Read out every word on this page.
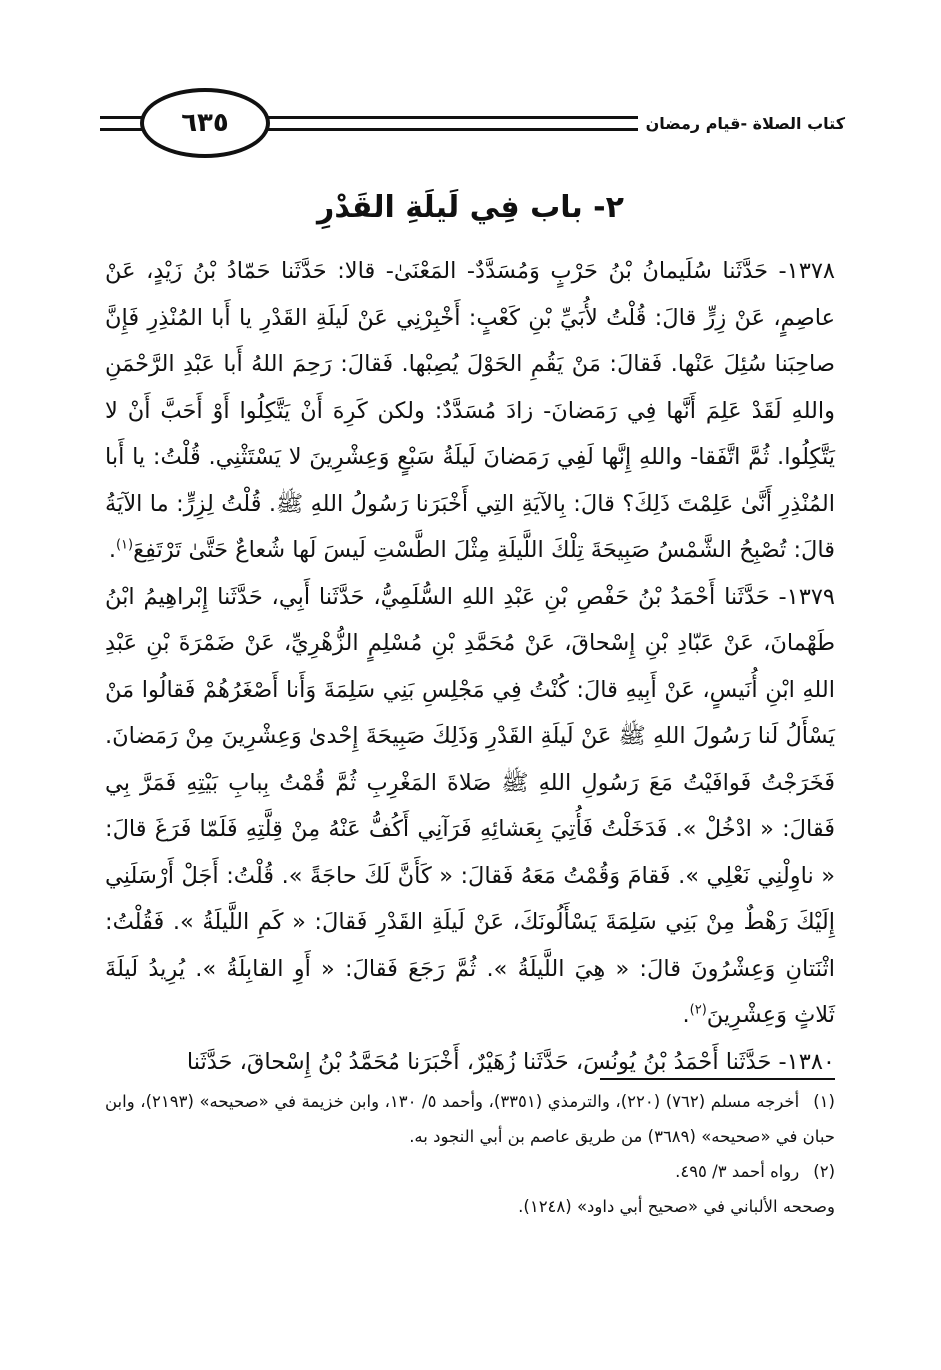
٦٣٥	كتاب الصلاة -قيام رمضان
٢- باب فِي لَيلَةِ القَدْرِ

١٣٧٨- حَدَّثَنا سُلَيمانُ بْنُ حَرْبٍ وَمُسَدَّدٌ- المَعْنَىٰ- قالا: حَدَّثَنا حَمّادُ بْنُ زَيْدٍ، عَنْ عاصِمٍ، عَنْ زِرٍّ قالَ: قُلْتُ لأُبَيِّ بْنِ كَعْبٍ: أَخْبِرْنِي عَنْ لَيلَةِ القَدْرِ يا أَبا المُنْذِرِ فَإِنَّ صاحِبَنا سُئِلَ عَنْها. فَقالَ: مَنْ يَقُمِ الحَوْلَ يُصِبْها. فَقالَ: رَحِمَ اللهُ أَبا عَبْدِ الرَّحْمَنِ واللهِ لَقَدْ عَلِمَ أَنَّها فِي رَمَضانَ- زادَ مُسَدَّدٌ: ولكن كَرِهَ أَنْ يَتَّكِلُوا أَوْ أَحَبَّ أَنْ لا يَتَّكِلُوا. ثُمَّ اتَّفَقا- واللهِ إِنَّها لَفِي رَمَضانَ لَيلَةُ سَبْعٍ وَعِشْرِينَ لا يَسْتَثْنِي. قُلْتُ: يا أَبا المُنْذِرِ أَنَّىٰ عَلِمْتَ ذَلِكَ؟ قالَ: بِالآيَةِ التِي أَخْبَرَنا رَسُولُ اللهِ ﷺ. قُلْتُ لِزِرٍّ: ما الآيَةُ قالَ: تُصْبِحُ الشَّمْسُ صَبِيحَةَ تِلْكَ اللَّيلَةِ مِثْلَ الطَّسْتِ لَيسَ لَها شُعاعٌ حَتَّىٰ تَرْتَفِعَ$^{(١)}$.

١٣٧٩- حَدَّثَنا أَحْمَدُ بْنُ حَفْصِ بْنِ عَبْدِ اللهِ السُّلَمِيُّ، حَدَّثَنا أَبِي، حَدَّثَنا إِبْراهِيمُ ابْنُ طَهْمانَ، عَنْ عَبّادِ بْنِ إِسْحاقَ، عَنْ مُحَمَّدِ بْنِ مُسْلِمٍ الزُّهْرِيِّ، عَنْ ضَمْرَةَ بْنِ عَبْدِ اللهِ ابْنِ أُنَيسٍ، عَنْ أَبِيهِ قالَ: كُنْتُ فِي مَجْلِسِ بَنِي سَلِمَةَ وَأَنا أَصْغَرُهُمْ فَقالُوا مَنْ يَسْأَلُ لَنا رَسُولَ اللهِ ﷺ عَنْ لَيلَةِ القَدْرِ وَذَلِكَ صَبِيحَةَ إِحْدىٰ وَعِشْرِينَ مِنْ رَمَضانَ. فَخَرَجْتُ فَوافَيْتُ مَعَ رَسُولِ اللهِ ﷺ صَلاةَ المَغْرِبِ ثُمَّ قُمْتُ بِبابِ بَيْتِهِ فَمَرَّ بِي فَقالَ: « ادْخُلْ ». فَدَخَلْتُ فَأُتِيَ بِعَشائِهِ فَرَآنِي أَكُفُّ عَنْهُ مِنْ قِلَّتِهِ فَلَمّا فَرَغَ قالَ: « ناوِلْنِي نَعْلِي ». فَقامَ وَقُمْتُ مَعَهُ فَقالَ: « كَأَنَّ لَكَ حاجَةً ». قُلْتُ: أَجَلْ أَرْسَلَنِي إِلَيْكَ رَهْطٌ مِنْ بَنِي سَلِمَةَ يَسْأَلُونَكَ، عَنْ لَيلَةِ القَدْرِ فَقالَ: « كَمِ اللَّيلَةُ ». فَقُلْتُ: اثْنَتانِ وَعِشْرُونَ قالَ: « هِيَ اللَّيلَةُ ». ثُمَّ رَجَعَ فَقالَ: « أَوِ القابِلَةُ ». يُرِيدُ لَيلَةَ ثَلاثٍ وَعِشْرِينَ$^{(٢)}$.

١٣٨٠- حَدَّثَنا أَحْمَدُ بْنُ يُونُسَ، حَدَّثَنا زُهَيْرٌ، أَخْبَرَنا مُحَمَّدُ بْنُ إِسْحاقَ، حَدَّثَنا

(١)أخرجه مسلم (٧٦٢) (٢٢٠)، والترمذي (٣٣٥١)، وأحمد ٥/ ١٣٠، وابن خزيمة في «صحيحه» (٢١٩٣)، وابن حبان في «صحيحه» (٣٦٨٩) من طريق عاصم بن أبي النجود به.

(٢)رواه أحمد ٣/ ٤٩٥.

وصححه الألباني في «صحيح أبي داود» (١٢٤٨).
